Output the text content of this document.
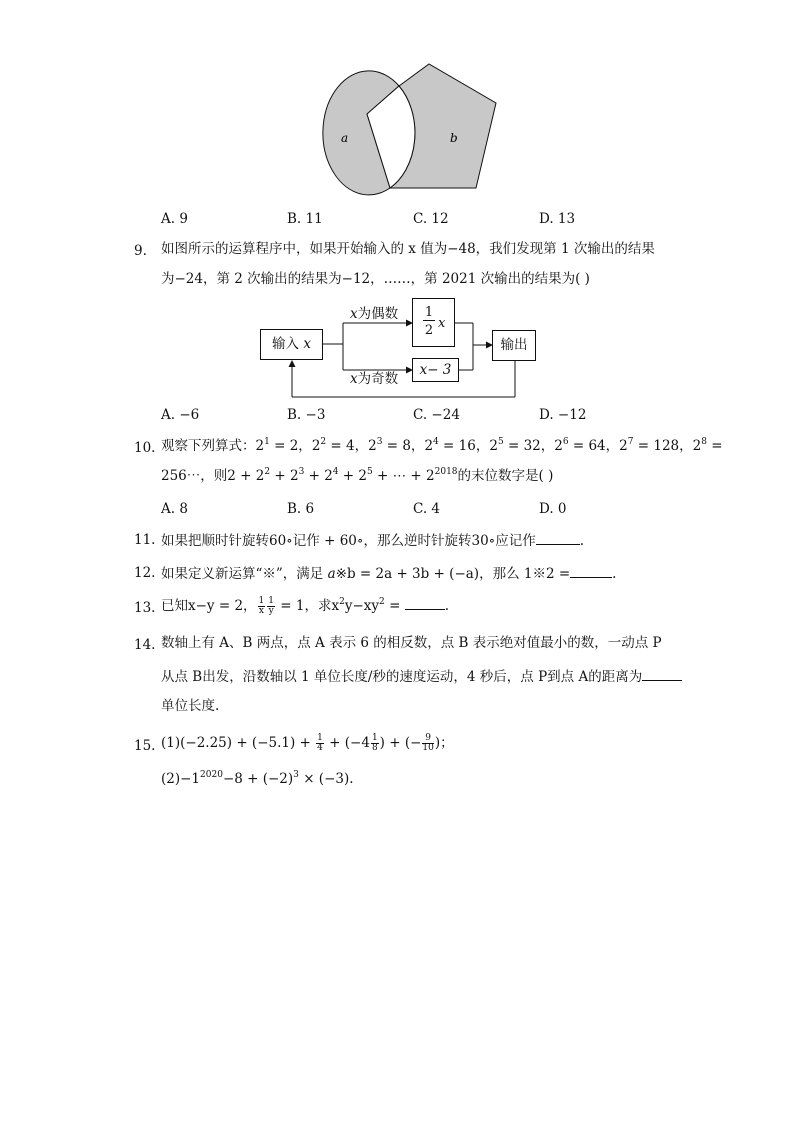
a	b
A. 9	B. 11	C. 12	D. 13
9. 如图所示的运算程序中，如果开始输入的 x 值为−48，我们发现第 1 次输出的结果
为−24，第 2 次输出的结果为−12，……，第 2021 次输出的结果为( )
输入 x
x为偶数
x为奇数
$\frac{1}{2}$ x
x− 3
输出
A. −6	B. −3	C. −24	D. −12
10. 观察下列算式：$2^1 = 2$，$2^2 = 4$，$2^3 = 8$，$2^4 = 16$，$2^5 = 32$，$2^6 = 64$，$2^7 = 128$，$2^8$ =
256⋯，则$2 + 2^2 + 2^3 + 2^4 + 2^5$ + ⋯ + $2^{2018}$的末位数字是( )
A. 8	B. 6	C. 4	D. 0
11. 如果把顺时针旋转60∘记作 + 60∘，那么逆时针旋转30∘应记作	.
12. 如果定义新运算“※”，满足 a※b = 2a + 3b + (−a)，那么 1※2 =	.
13. 已知x−y = 2， $\frac{1}{x} \frac{1}{y} = 1$，求$x^2y-xy^2$ =	.
14. 数轴上有 A、B 两点，点 A 表示 6 的相反数，点 B 表示绝对值最小的数，一动点 P
从点 B出发，沿数轴以 1 单位长度/秒的速度运动，4 秒后，点 P到点 A的距离为
单位长度.
15. $(1)(-2.25) + (-5.1) + \frac{1}{4} + (-4 \frac{1}{8}$ ) + (− $\frac{9}{10}$ )；
$(2)-1^{2020}-8 + (-2)^3 \times (-3)$.
